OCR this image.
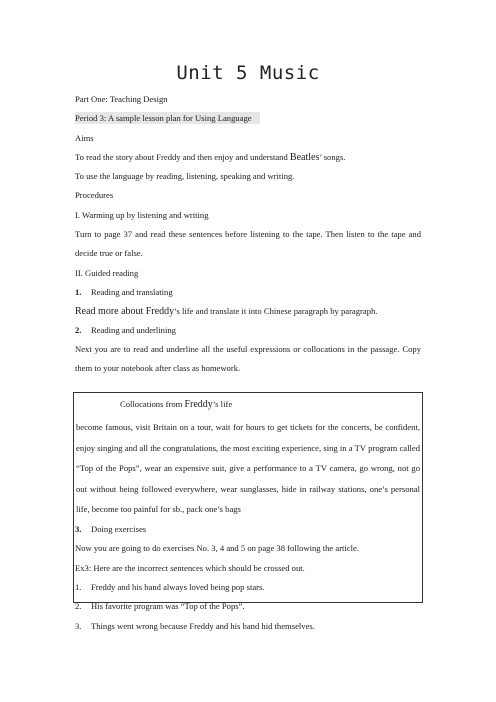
Unit 5 Music
Part One: Teaching Design
Period 3: A sample lesson plan for Using Language
Aims
To read the story about Freddy and then enjoy and understand Beatles’ songs.
To use the language by reading, listening, speaking and writing.
Procedures
I. Warming up by listening and writing
Turn to page 37 and read these sentences before listening to the tape. Then listen to the tape and decide true or false.
II. Guided reading
1. Reading and translating
Read more about Freddy’s life and translate it into Chinese paragraph by paragraph.
2. Reading and underlining
Next you are to read and underline all the useful expressions or collocations in the passage. Copy them to your notebook after class as homework.
Collocations from Freddy’s life
become famous, visit Britain on a tour, wait for hours to get tickets for the concerts, be confident, enjoy singing and all the congratulations, the most exciting experience, sing in a TV program called “Top of the Pops”, wear an expensive suit, give a performance to a TV camera, go wrong, not go out without being followed everywhere, wear sunglasses, hide in railway stations, one’s personal life, become too painful for sb., pack one’s bags
3. Doing exercises
Now you are going to do exercises No. 3, 4 and 5 on page 38 following the article.
Ex3: Here are the incorrect sentences which should be crossed out.
1. Freddy and his band always loved being pop stars.
2. His favorite program was “Top of the Pops”.
3. Things went wrong because Freddy and his band hid themselves.
